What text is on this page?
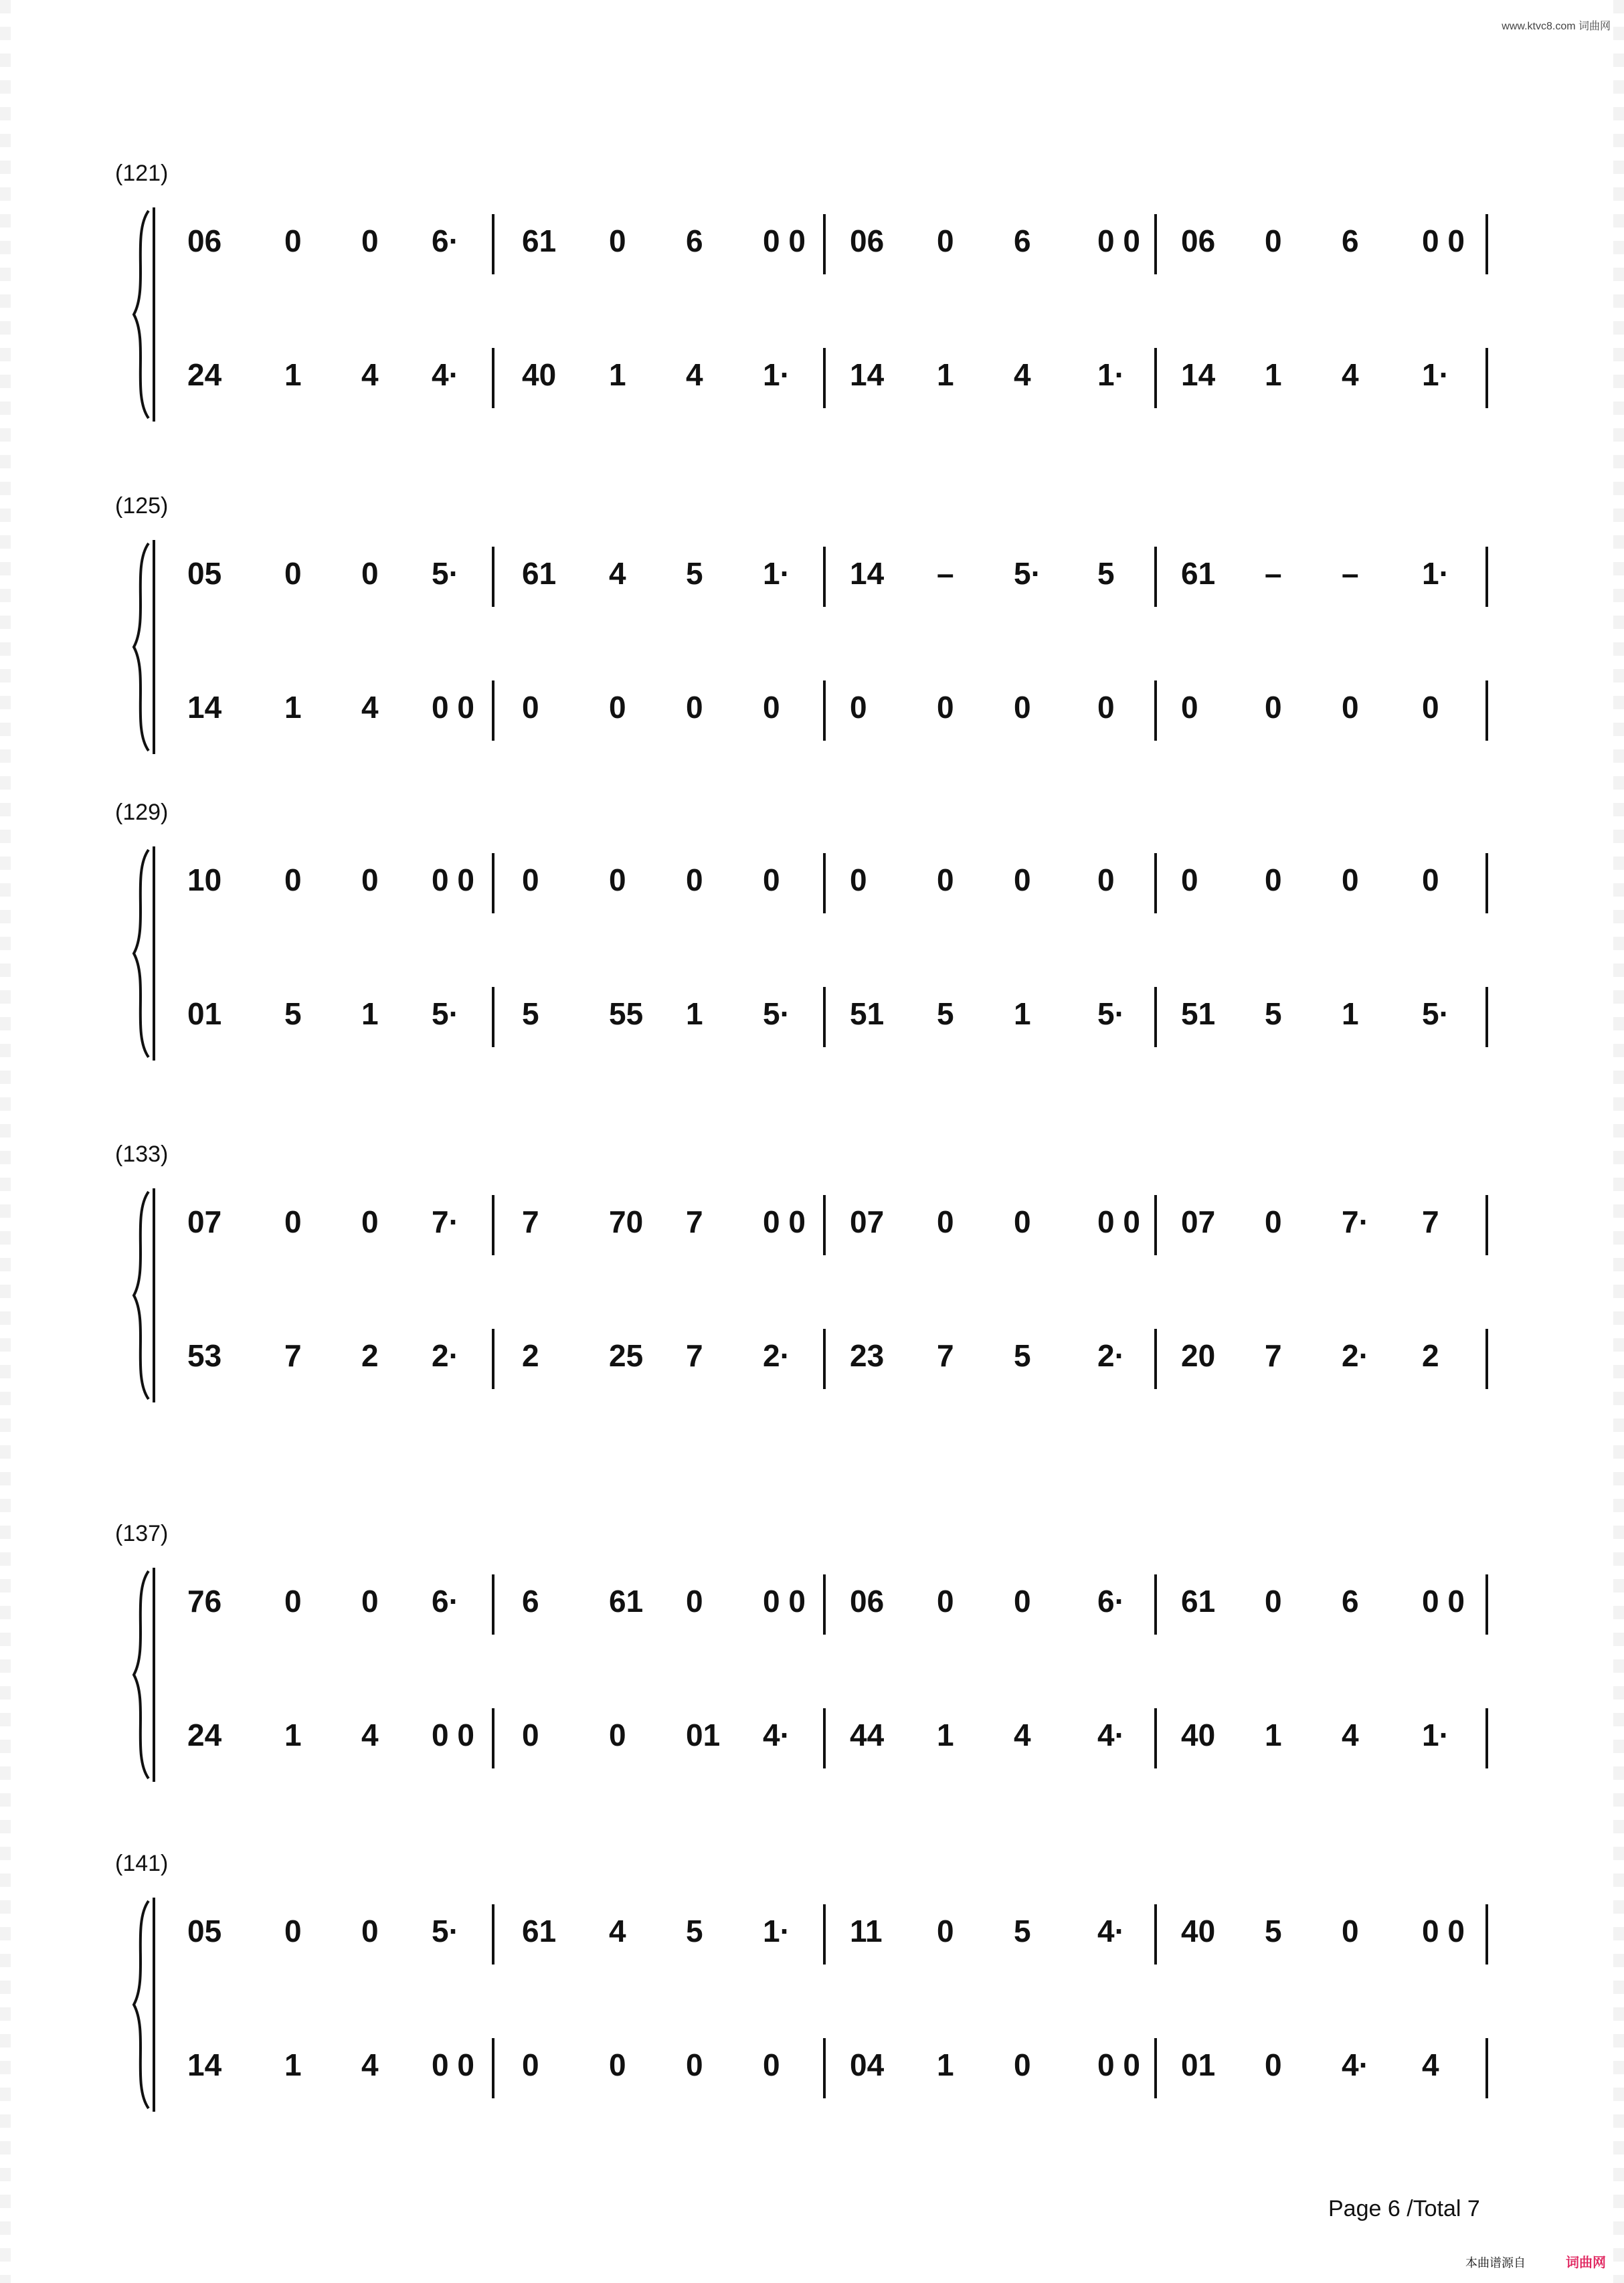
www.ktvc8.com 词曲网
(121)
06 0 0 6· 61 0 6 0 0 06 0 6 0 0 06 0 6 0 0
24 1 4 4· 40 1 4 1· 14 1 4 1· 14 1 4 1·
(125)
05 0 0 5· 61 4 5 1· 14 – 5· 5 61 – – 1·
14 1 4 0 0 0 0 0 0 0 0 0 0 0 0 0 0
(129)
10 0 0 0 0 0 0 0 0 0 0 0 0 0 0 0 0
01 5 1 5· 5 55 1 5· 51 5 1 5· 51 5 1 5·
(133)
07 0 0 7· 7 70 7 0 0 07 0 0 0 0 07 0 7· 7
53 7 2 2· 2 25 7 2· 23 7 5 2· 20 7 2· 2
(137)
76 0 0 6· 6 61 0 0 0 06 0 0 6· 61 0 6 0 0
24 1 4 0 0 0 0 01 4· 44 1 4 4· 40 1 4 1·
(141)
05 0 0 5· 61 4 5 1· 11 0 5 4· 40 5 0 0 0
14 1 4 0 0 0 0 0 0 04 1 0 0 0 01 0 4· 4
Page 6 /Total 7
本曲谱源自	词曲网
